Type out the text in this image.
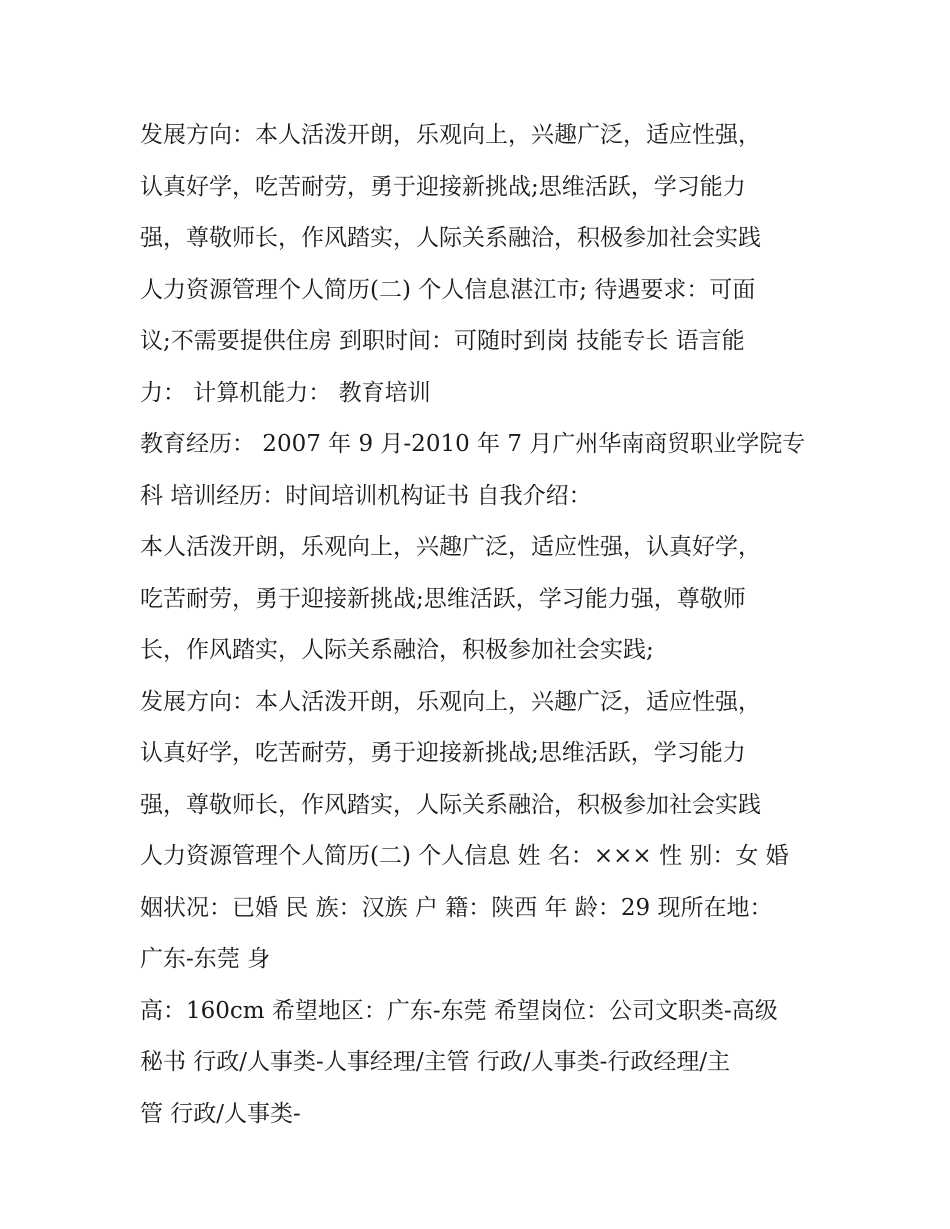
发展方向：本人活泼开朗，乐观向上，兴趣广泛，适应性强，
认真好学，吃苦耐劳，勇于迎接新挑战;思维活跃，学习能力
强，尊敬师长，作风踏实，人际关系融洽，积极参加社会实践
人力资源管理个人简历(二) 个人信息湛江市; 待遇要求：可面
议;不需要提供住房 到职时间：可随时到岗 技能专长 语言能
力： 计算机能力： 教育培训
教育经历： 2007 年 9 月-2010 年 7 月广州华南商贸职业学院专
科 培训经历：时间培训机构证书 自我介绍：
本人活泼开朗，乐观向上，兴趣广泛，适应性强，认真好学，
吃苦耐劳，勇于迎接新挑战;思维活跃，学习能力强，尊敬师
长，作风踏实，人际关系融洽，积极参加社会实践;
发展方向：本人活泼开朗，乐观向上，兴趣广泛，适应性强，
认真好学，吃苦耐劳，勇于迎接新挑战;思维活跃，学习能力
强，尊敬师长，作风踏实，人际关系融洽，积极参加社会实践
人力资源管理个人简历(二) 个人信息 姓 名：××× 性 别：女 婚
姻状况：已婚 民 族：汉族 户 籍：陕西 年 龄：29 现所在地：
广东-东莞 身
高：160cm 希望地区：广东-东莞 希望岗位：公司文职类-高级
秘书 行政/人事类-人事经理/主管 行政/人事类-行政经理/主
管 行政/人事类-
